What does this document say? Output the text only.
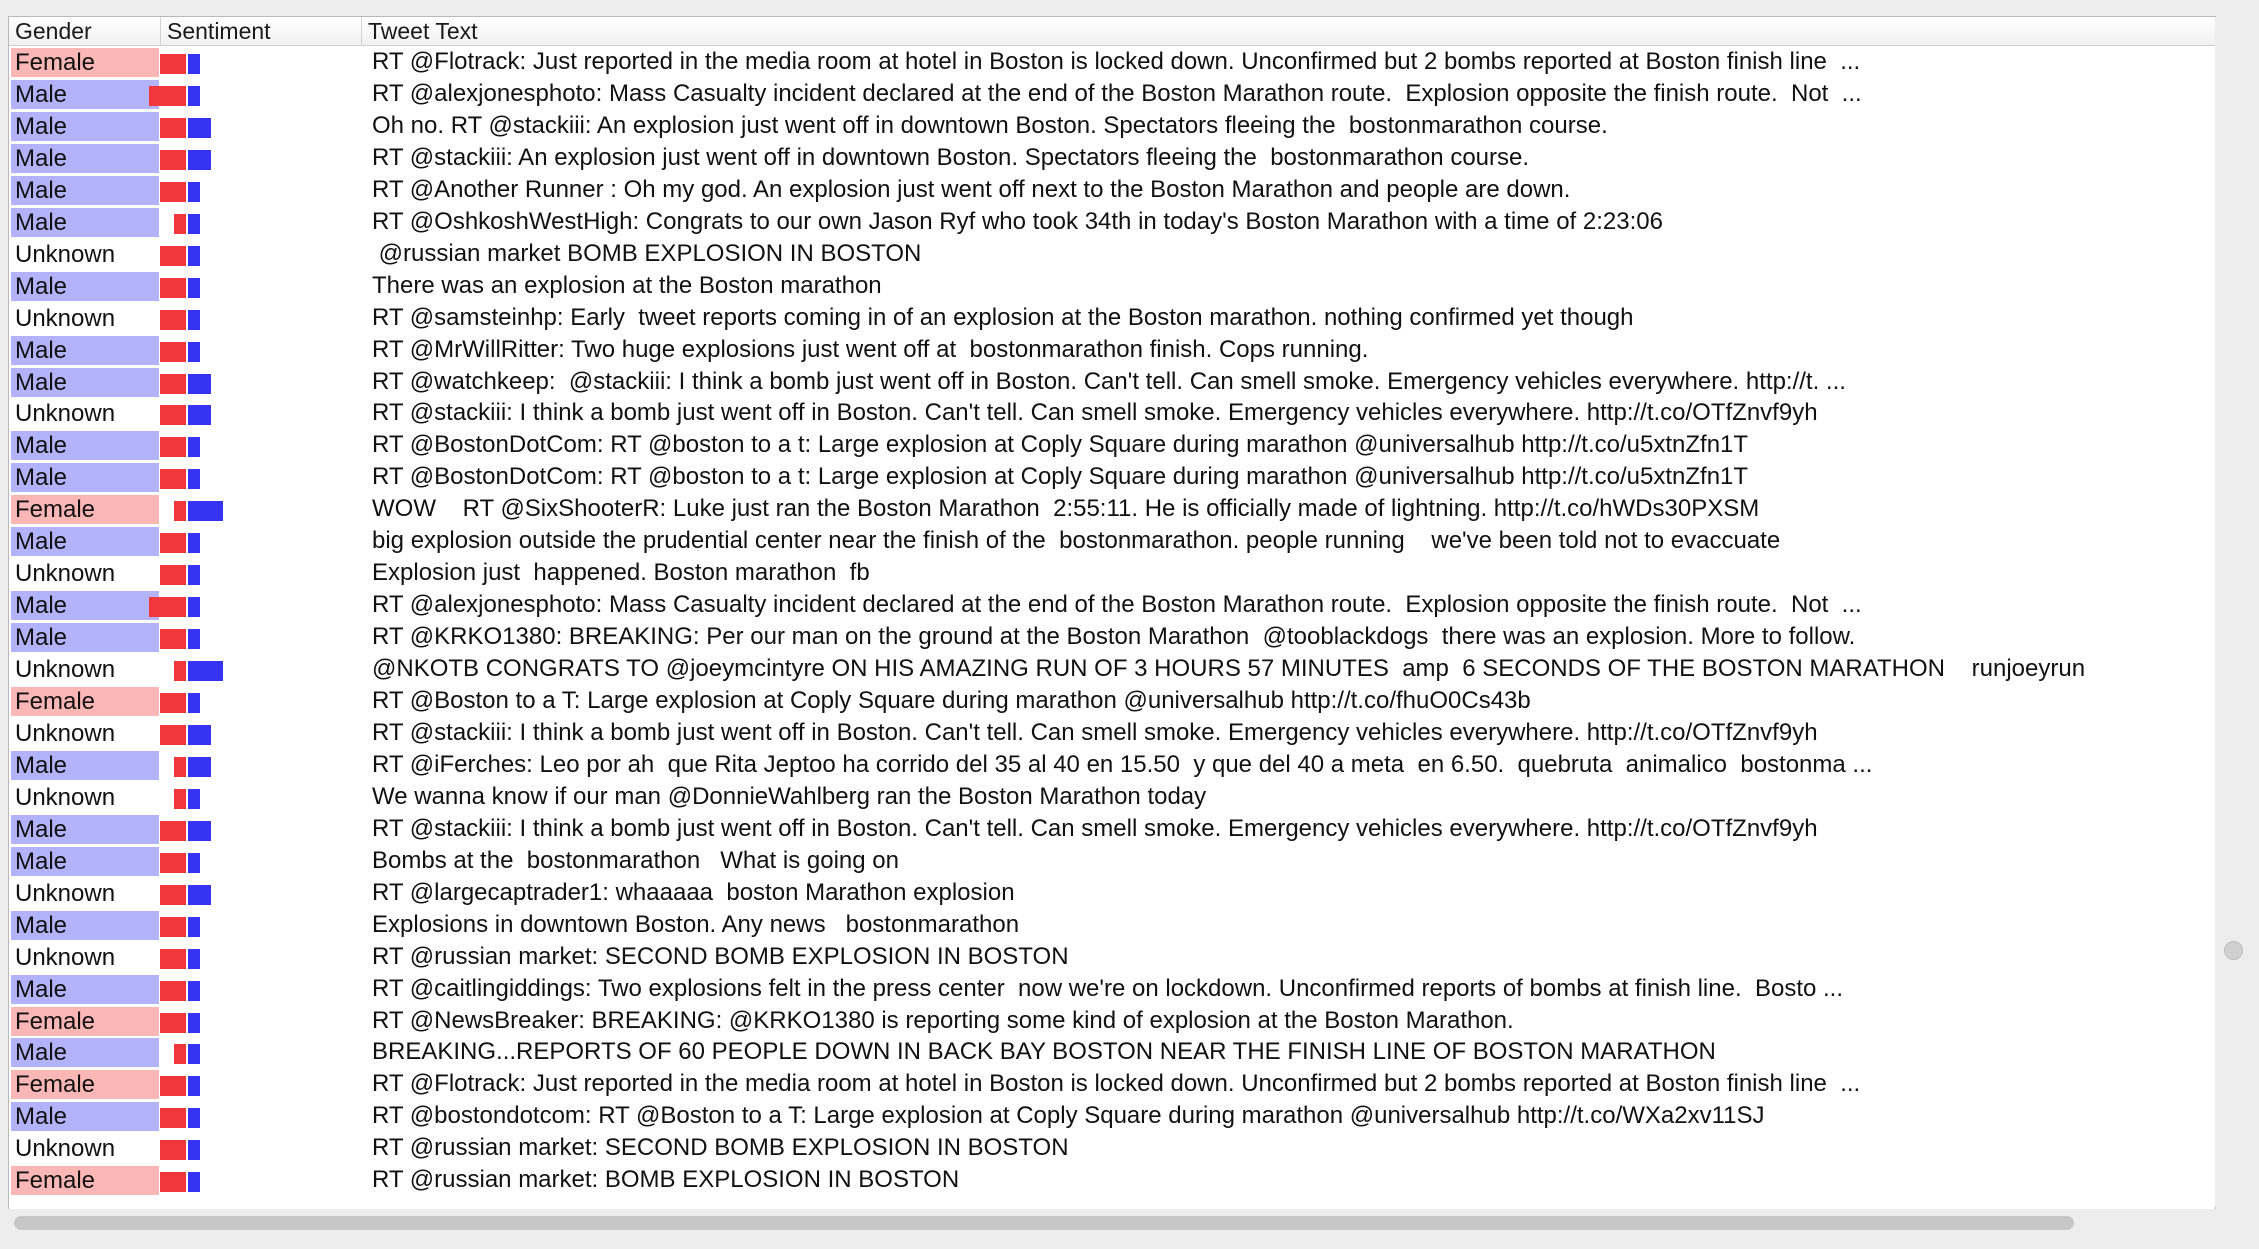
Gender	Sentiment	Tweet Text
Female	RT @Flotrack: Just reported in the media room at hotel in Boston is locked down. Unconfirmed but 2 bombs reported at Boston finish line  ...
Male	RT @alexjonesphoto: Mass Casualty incident declared at the end of the Boston Marathon route.  Explosion opposite the finish route.  Not  ...
Male	Oh no. RT @stackiii: An explosion just went off in downtown Boston. Spectators fleeing the  bostonmarathon course.
Male	RT @stackiii: An explosion just went off in downtown Boston. Spectators fleeing the  bostonmarathon course.
Male	RT @Another Runner : Oh my god. An explosion just went off next to the Boston Marathon and people are down.
Male	RT @OshkoshWestHigh: Congrats to our own Jason Ryf who took 34th in today's Boston Marathon with a time of 2:23:06
Unknown	@russian market BOMB EXPLOSION IN BOSTON
Male	There was an explosion at the Boston marathon
Unknown	RT @samsteinhp: Early  tweet reports coming in of an explosion at the Boston marathon. nothing confirmed yet though
Male	RT @MrWillRitter: Two huge explosions just went off at  bostonmarathon finish. Cops running.
Male	RT @watchkeep:  @stackiii: I think a bomb just went off in Boston. Can't tell. Can smell smoke. Emergency vehicles everywhere. http://t. ...
Unknown	RT @stackiii: I think a bomb just went off in Boston. Can't tell. Can smell smoke. Emergency vehicles everywhere. http://t.co/OTfZnvf9yh
Male	RT @BostonDotCom: RT @boston to a t: Large explosion at Coply Square during marathon @universalhub http://t.co/u5xtnZfn1T
Male	RT @BostonDotCom: RT @boston to a t: Large explosion at Coply Square during marathon @universalhub http://t.co/u5xtnZfn1T
Female	WOW    RT @SixShooterR: Luke just ran the Boston Marathon  2:55:11. He is officially made of lightning. http://t.co/hWDs30PXSM
Male	big explosion outside the prudential center near the finish of the  bostonmarathon. people running    we've been told not to evaccuate
Unknown	Explosion just  happened. Boston marathon  fb
Male	RT @alexjonesphoto: Mass Casualty incident declared at the end of the Boston Marathon route.  Explosion opposite the finish route.  Not  ...
Male	RT @KRKO1380: BREAKING: Per our man on the ground at the Boston Marathon  @tooblackdogs  there was an explosion. More to follow.
Unknown	@NKOTB CONGRATS TO @joeymcintyre ON HIS AMAZING RUN OF 3 HOURS 57 MINUTES  amp  6 SECONDS OF THE BOSTON MARATHON    runjoeyrun
Female	RT @Boston to a T: Large explosion at Coply Square during marathon @universalhub http://t.co/fhuO0Cs43b
Unknown	RT @stackiii: I think a bomb just went off in Boston. Can't tell. Can smell smoke. Emergency vehicles everywhere. http://t.co/OTfZnvf9yh
Male	RT @iFerches: Leo por ah  que Rita Jeptoo ha corrido del 35 al 40 en 15.50  y que del 40 a meta  en 6.50.  quebruta  animalico  bostonma ...
Unknown	We wanna know if our man @DonnieWahlberg ran the Boston Marathon today
Male	RT @stackiii: I think a bomb just went off in Boston. Can't tell. Can smell smoke. Emergency vehicles everywhere. http://t.co/OTfZnvf9yh
Male	Bombs at the  bostonmarathon   What is going on
Unknown	RT @largecaptrader1: whaaaaa  boston Marathon explosion
Male	Explosions in downtown Boston. Any news   bostonmarathon
Unknown	RT @russian market: SECOND BOMB EXPLOSION IN BOSTON
Male	RT @caitlingiddings: Two explosions felt in the press center  now we're on lockdown. Unconfirmed reports of bombs at finish line.  Bosto ...
Female	RT @NewsBreaker: BREAKING: @KRKO1380 is reporting some kind of explosion at the Boston Marathon.
Male	BREAKING...REPORTS OF 60 PEOPLE DOWN IN BACK BAY BOSTON NEAR THE FINISH LINE OF BOSTON MARATHON
Female	RT @Flotrack: Just reported in the media room at hotel in Boston is locked down. Unconfirmed but 2 bombs reported at Boston finish line  ...
Male	RT @bostondotcom: RT @Boston to a T: Large explosion at Coply Square during marathon @universalhub http://t.co/WXa2xv11SJ
Unknown	RT @russian market: SECOND BOMB EXPLOSION IN BOSTON
Female	RT @russian market: BOMB EXPLOSION IN BOSTON
